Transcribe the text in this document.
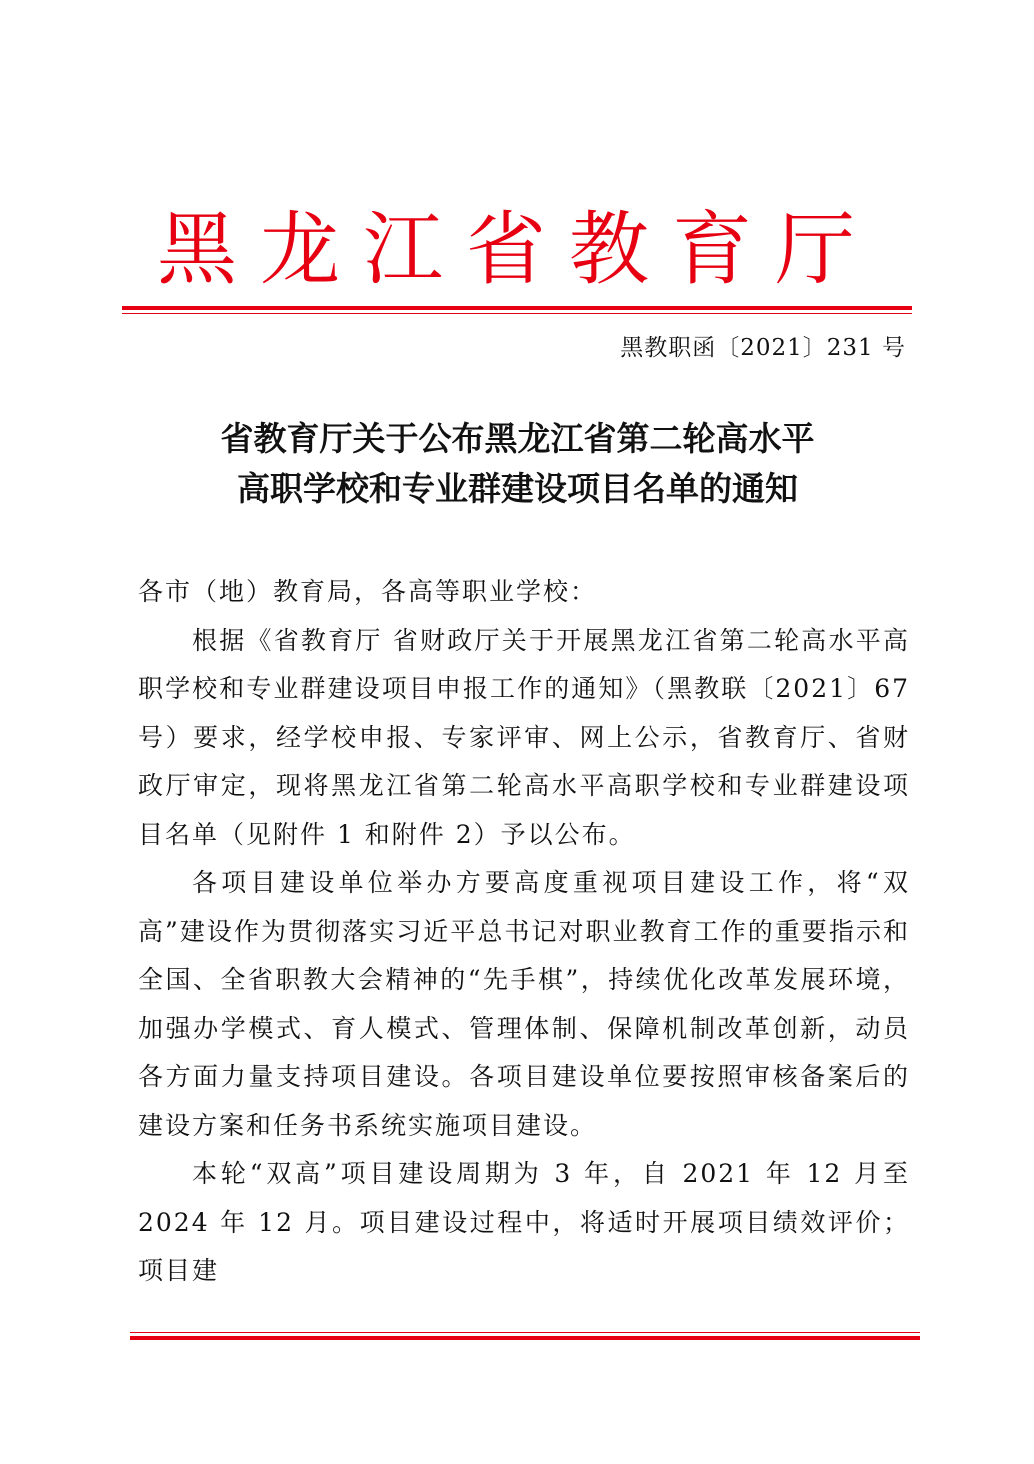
黑龙江省教育厅
黑教职函〔2021〕231 号
省教育厅关于公布黑龙江省第二轮高水平
高职学校和专业群建设项目名单的通知

各市（地）教育局，各高等职业学校：

根据《省教育厅 省财政厅关于开展黑龙江省第二轮高水平高职学校和专业群建设项目申报工作的通知》（黑教联〔2021〕67 号）要求，经学校申报、专家评审、网上公示，省教育厅、省财政厅审定，现将黑龙江省第二轮高水平高职学校和专业群建设项目名单（见附件 1 和附件 2）予以公布。

各项目建设单位举办方要高度重视项目建设工作，将“双高”建设作为贯彻落实习近平总书记对职业教育工作的重要指示和全国、全省职教大会精神的“先手棋”，持续优化改革发展环境，加强办学模式、育人模式、管理体制、保障机制改革创新，动员各方面力量支持项目建设。各项目建设单位要按照审核备案后的建设方案和任务书系统实施项目建设。

本轮“双高”项目建设周期为 3 年，自 2021 年 12 月至 2024 年 12 月。项目建设过程中，将适时开展项目绩效评价；项目建
